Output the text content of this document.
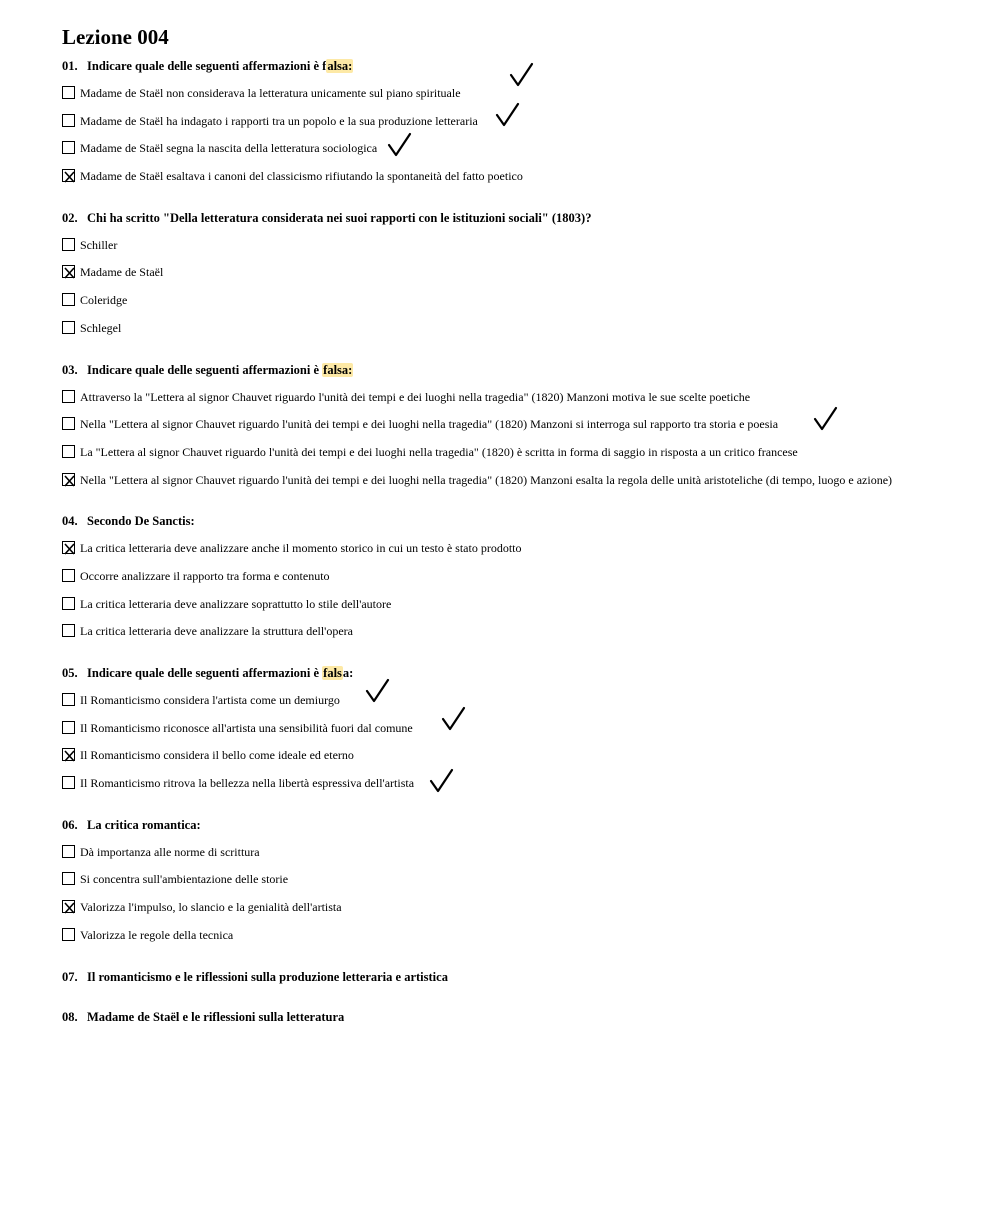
Lezione 004
01. Indicare quale delle seguenti affermazioni è falsa:
Madame de Staël non considerava la letteratura unicamente sul piano spirituale
Madame de Staël ha indagato i rapporti tra un popolo e la sua produzione letteraria
Madame de Staël segna la nascita della letteratura sociologica
Madame de Staël esaltava i canoni del classicismo rifiutando la spontaneità del fatto poetico
02. Chi ha scritto "Della letteratura considerata nei suoi rapporti con le istituzioni sociali" (1803)?
Schiller
Madame de Staël
Coleridge
Schlegel
03. Indicare quale delle seguenti affermazioni è falsa:
Attraverso la "Lettera al signor Chauvet riguardo l'unità dei tempi e dei luoghi nella tragedia" (1820) Manzoni motiva le sue scelte poetiche
Nella "Lettera al signor Chauvet riguardo l'unità dei tempi e dei luoghi nella tragedia" (1820) Manzoni si interroga sul rapporto tra storia e poesia
La "Lettera al signor Chauvet riguardo l'unità dei tempi e dei luoghi nella tragedia" (1820) è scritta in forma di saggio in risposta a un critico francese
Nella "Lettera al signor Chauvet riguardo l'unità dei tempi e dei luoghi nella tragedia" (1820) Manzoni esalta la regola delle unità aristoteliche (di tempo, luogo e azione)
04. Secondo De Sanctis:
La critica letteraria deve analizzare anche il momento storico in cui un testo è stato prodotto
Occorre analizzare il rapporto tra forma e contenuto
La critica letteraria deve analizzare soprattutto lo stile dell'autore
La critica letteraria deve analizzare la struttura dell'opera
05. Indicare quale delle seguenti affermazioni è falsa:
Il Romanticismo considera l'artista come un demiurgo
Il Romanticismo riconosce all'artista una sensibilità fuori dal comune
Il Romanticismo considera il bello come ideale ed eterno
Il Romanticismo ritrova la bellezza nella libertà espressiva dell'artista
06. La critica romantica:
Dà importanza alle norme di scrittura
Si concentra sull'ambientazione delle storie
Valorizza l'impulso, lo slancio e la genialità dell'artista
Valorizza le regole della tecnica
07. Il romanticismo e le riflessioni sulla produzione letteraria e artistica
08. Madame de Staël e le riflessioni sulla letteratura
